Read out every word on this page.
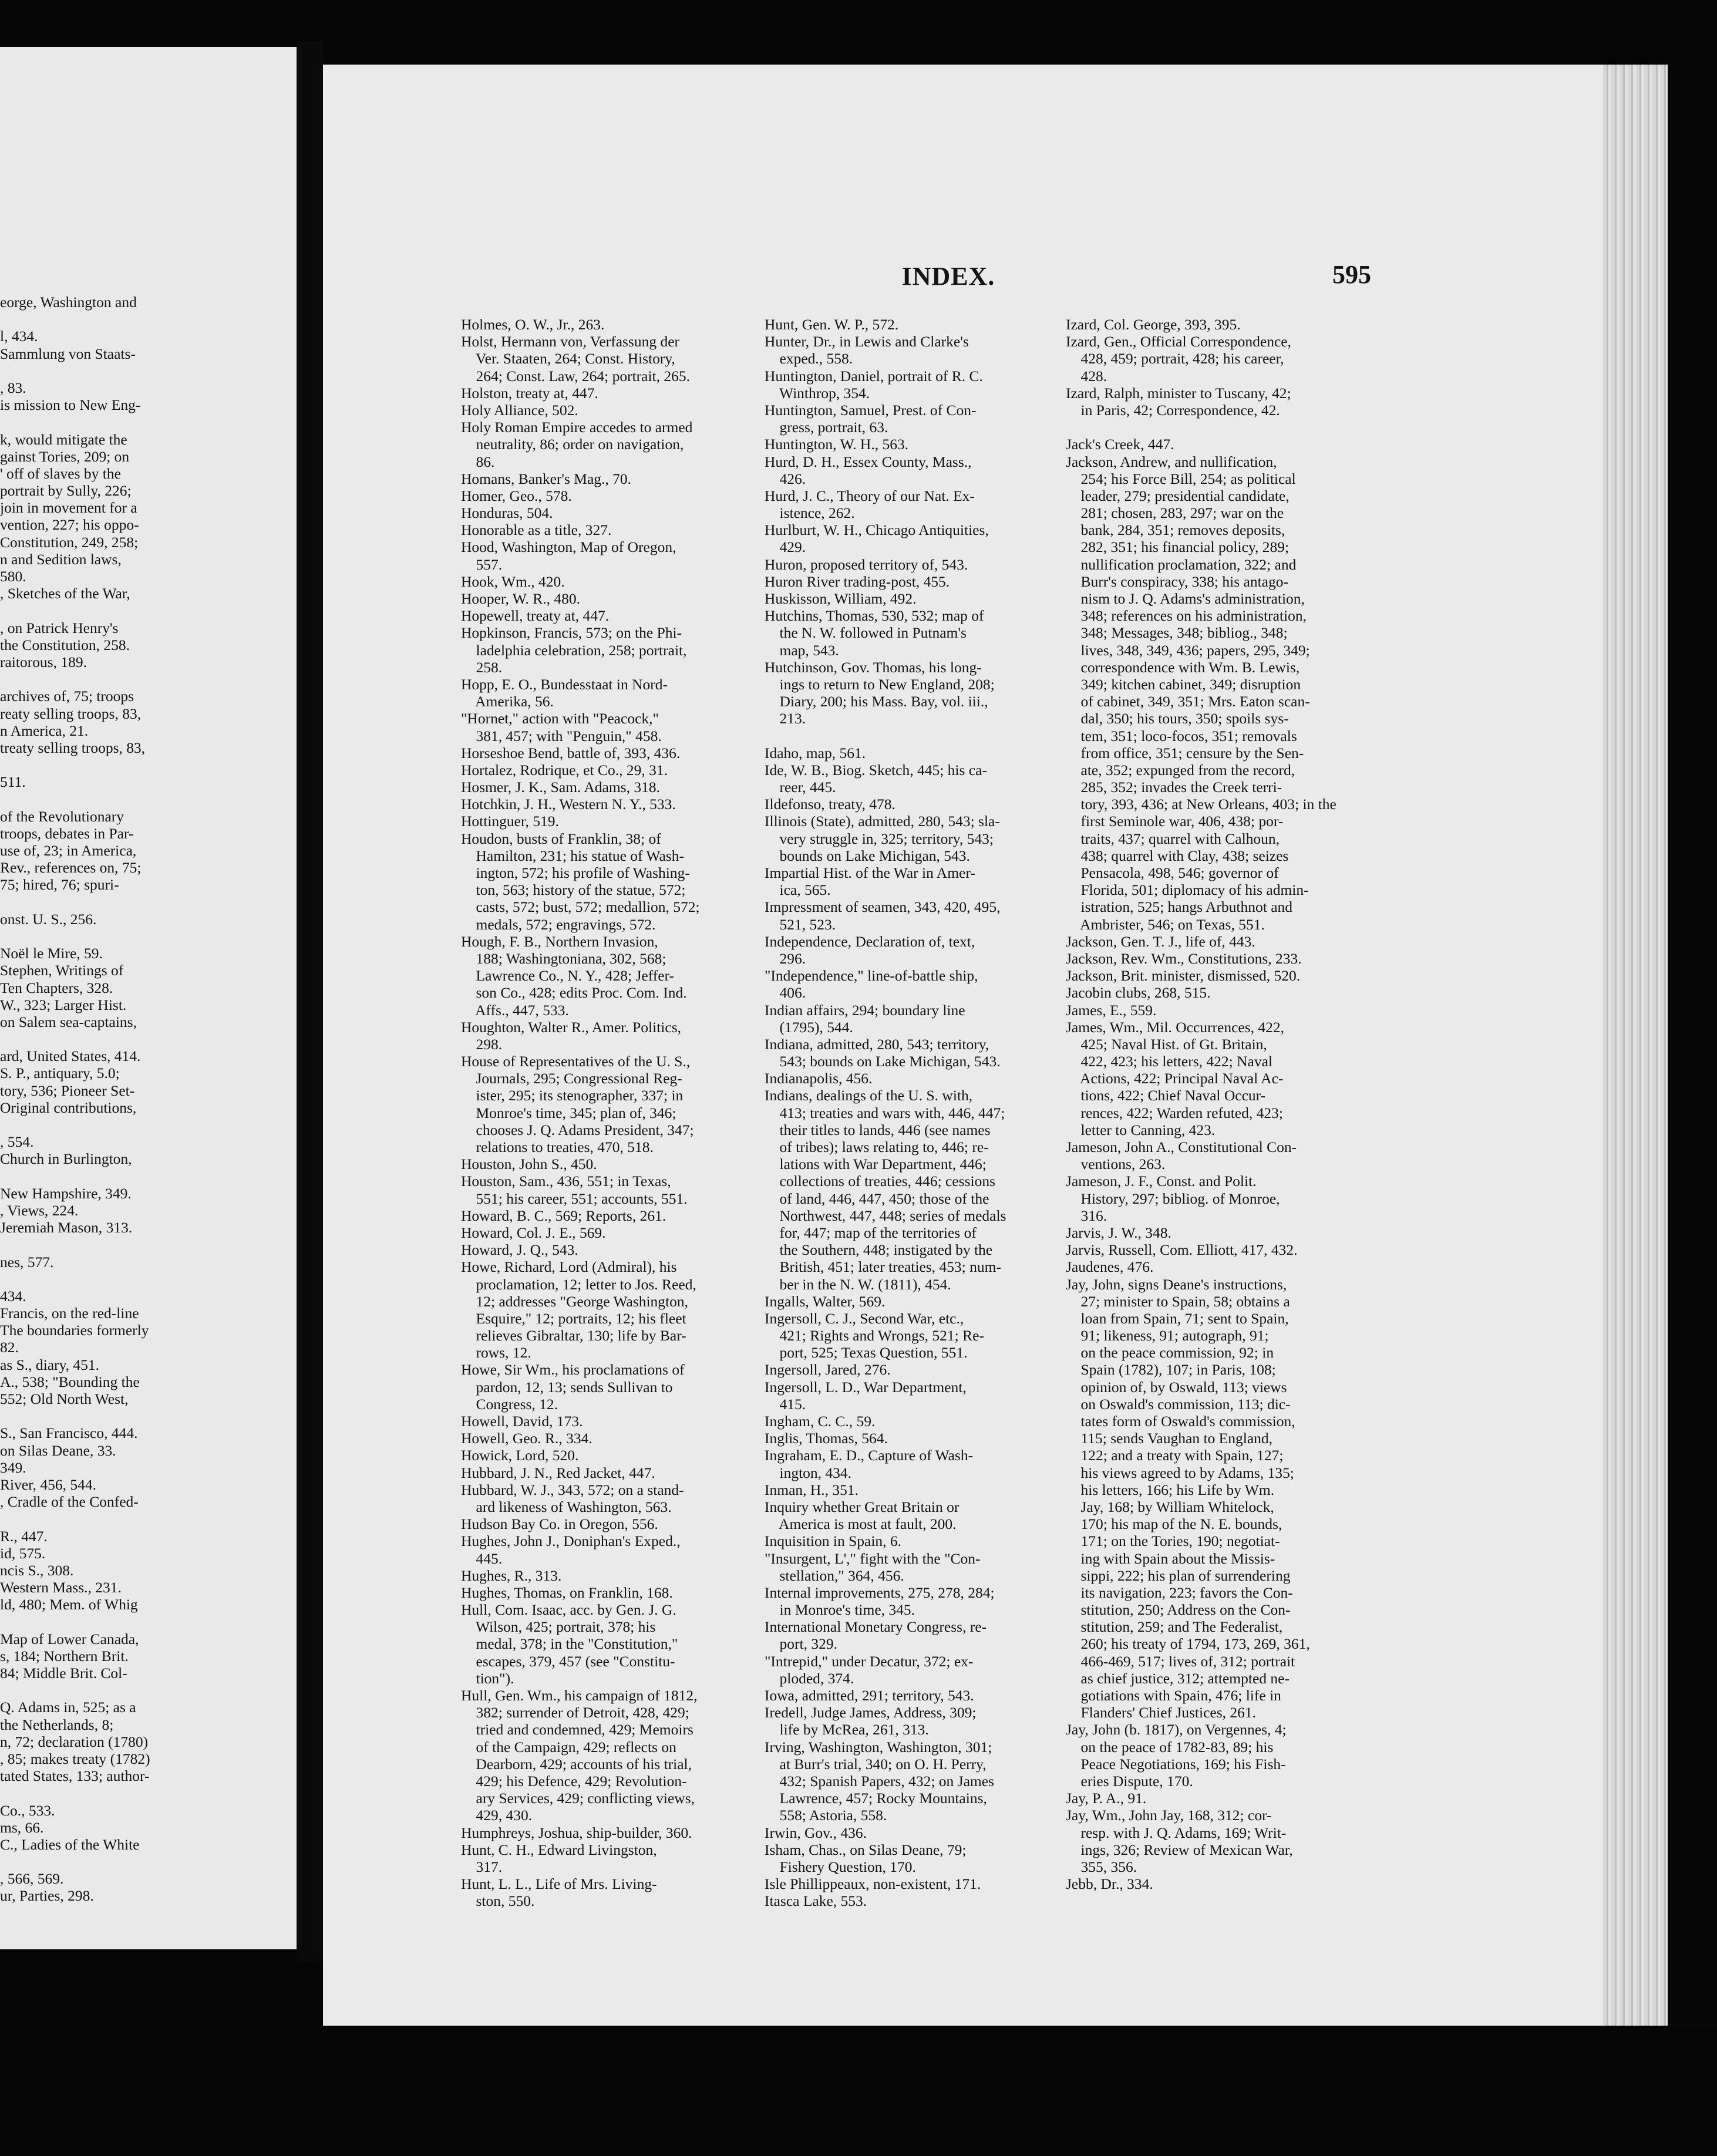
eorge, Washington and
l, 434.
Sammlung von Staats-
, 83.
is mission to New Eng-
k, would mitigate the
gainst Tories, 209; on
' off of slaves by the
portrait by Sully, 226;
join in movement for a
vention, 227; his oppo-
Constitution, 249, 258;
n and Sedition laws,
580.
, Sketches of the War,
, on Patrick Henry's
the Constitution, 258.
raitorous, 189.
archives of, 75; troops
reaty selling troops, 83,
n America, 21.
treaty selling troops, 83,
511.
of the Revolutionary
troops, debates in Par-
use of, 23; in America,
Rev., references on, 75;
75; hired, 76; spuri-
onst. U. S., 256.
Noël le Mire, 59.
Stephen, Writings of
Ten Chapters, 328.
W., 323; Larger Hist.
on Salem sea-captains,
ard, United States, 414.
S. P., antiquary, 5.0;
tory, 536; Pioneer Set-
Original contributions,
, 554.
Church in Burlington,
New Hampshire, 349.
, Views, 224.
Jeremiah Mason, 313.
nes, 577.
434.
Francis, on the red-line
The boundaries formerly
82.
as S., diary, 451.
A., 538; "Bounding the
552; Old North West,
S., San Francisco, 444.
on Silas Deane, 33.
349.
River, 456, 544.
, Cradle of the Confed-
R., 447.
id, 575.
ncis S., 308.
Western Mass., 231.
ld, 480; Mem. of Whig
Map of Lower Canada,
s, 184; Northern Brit.
84; Middle Brit. Col-
Q. Adams in, 525; as a
the Netherlands, 8;
n, 72; declaration (1780)
, 85; makes treaty (1782)
tated States, 133; author-
Co., 533.
ms, 66.
C., Ladies of the White
, 566, 569.
ur, Parties, 298.
INDEX.	595
Holmes, O. W., Jr., 263.
Holst, Hermann von, Verfassung der
Ver. Staaten, 264; Const. History,
264; Const. Law, 264; portrait, 265.
Holston, treaty at, 447.
Holy Alliance, 502.
Holy Roman Empire accedes to armed
neutrality, 86; order on navigation,
86.
Homans, Banker's Mag., 70.
Homer, Geo., 578.
Honduras, 504.
Honorable as a title, 327.
Hood, Washington, Map of Oregon,
557.
Hook, Wm., 420.
Hooper, W. R., 480.
Hopewell, treaty at, 447.
Hopkinson, Francis, 573; on the Phi-
ladelphia celebration, 258; portrait,
258.
Hopp, E. O., Bundesstaat in Nord-
Amerika, 56.
"Hornet," action with "Peacock,"
381, 457; with "Penguin," 458.
Horseshoe Bend, battle of, 393, 436.
Hortalez, Rodrique, et Co., 29, 31.
Hosmer, J. K., Sam. Adams, 318.
Hotchkin, J. H., Western N. Y., 533.
Hottinguer, 519.
Houdon, busts of Franklin, 38; of
Hamilton, 231; his statue of Wash-
ington, 572; his profile of Washing-
ton, 563; history of the statue, 572;
casts, 572; bust, 572; medallion, 572;
medals, 572; engravings, 572.
Hough, F. B., Northern Invasion,
188; Washingtoniana, 302, 568;
Lawrence Co., N. Y., 428; Jeffer-
son Co., 428; edits Proc. Com. Ind.
Affs., 447, 533.
Houghton, Walter R., Amer. Politics,
298.
House of Representatives of the U. S.,
Journals, 295; Congressional Reg-
ister, 295; its stenographer, 337; in
Monroe's time, 345; plan of, 346;
chooses J. Q. Adams President, 347;
relations to treaties, 470, 518.
Houston, John S., 450.
Houston, Sam., 436, 551; in Texas,
551; his career, 551; accounts, 551.
Howard, B. C., 569; Reports, 261.
Howard, Col. J. E., 569.
Howard, J. Q., 543.
Howe, Richard, Lord (Admiral), his
proclamation, 12; letter to Jos. Reed,
12; addresses "George Washington,
Esquire," 12; portraits, 12; his fleet
relieves Gibraltar, 130; life by Bar-
rows, 12.
Howe, Sir Wm., his proclamations of
pardon, 12, 13; sends Sullivan to
Congress, 12.
Howell, David, 173.
Howell, Geo. R., 334.
Howick, Lord, 520.
Hubbard, J. N., Red Jacket, 447.
Hubbard, W. J., 343, 572; on a stand-
ard likeness of Washington, 563.
Hudson Bay Co. in Oregon, 556.
Hughes, John J., Doniphan's Exped.,
445.
Hughes, R., 313.
Hughes, Thomas, on Franklin, 168.
Hull, Com. Isaac, acc. by Gen. J. G.
Wilson, 425; portrait, 378; his
medal, 378; in the "Constitution,"
escapes, 379, 457 (see "Constitu-
tion").
Hull, Gen. Wm., his campaign of 1812,
382; surrender of Detroit, 428, 429;
tried and condemned, 429; Memoirs
of the Campaign, 429; reflects on
Dearborn, 429; accounts of his trial,
429; his Defence, 429; Revolution-
ary Services, 429; conflicting views,
429, 430.
Humphreys, Joshua, ship-builder, 360.
Hunt, C. H., Edward Livingston,
317.
Hunt, L. L., Life of Mrs. Living-
ston, 550.
Hunt, Gen. W. P., 572.
Hunter, Dr., in Lewis and Clarke's
exped., 558.
Huntington, Daniel, portrait of R. C.
Winthrop, 354.
Huntington, Samuel, Prest. of Con-
gress, portrait, 63.
Huntington, W. H., 563.
Hurd, D. H., Essex County, Mass.,
426.
Hurd, J. C., Theory of our Nat. Ex-
istence, 262.
Hurlburt, W. H., Chicago Antiquities,
429.
Huron, proposed territory of, 543.
Huron River trading-post, 455.
Huskisson, William, 492.
Hutchins, Thomas, 530, 532; map of
the N. W. followed in Putnam's
map, 543.
Hutchinson, Gov. Thomas, his long-
ings to return to New England, 208;
Diary, 200; his Mass. Bay, vol. iii.,
213.
Idaho, map, 561.
Ide, W. B., Biog. Sketch, 445; his ca-
reer, 445.
Ildefonso, treaty, 478.
Illinois (State), admitted, 280, 543; sla-
very struggle in, 325; territory, 543;
bounds on Lake Michigan, 543.
Impartial Hist. of the War in Amer-
ica, 565.
Impressment of seamen, 343, 420, 495,
521, 523.
Independence, Declaration of, text,
296.
"Independence," line-of-battle ship,
406.
Indian affairs, 294; boundary line
(1795), 544.
Indiana, admitted, 280, 543; territory,
543; bounds on Lake Michigan, 543.
Indianapolis, 456.
Indians, dealings of the U. S. with,
413; treaties and wars with, 446, 447;
their titles to lands, 446 (see names
of tribes); laws relating to, 446; re-
lations with War Department, 446;
collections of treaties, 446; cessions
of land, 446, 447, 450; those of the
Northwest, 447, 448; series of medals
for, 447; map of the territories of
the Southern, 448; instigated by the
British, 451; later treaties, 453; num-
ber in the N. W. (1811), 454.
Ingalls, Walter, 569.
Ingersoll, C. J., Second War, etc.,
421; Rights and Wrongs, 521; Re-
port, 525; Texas Question, 551.
Ingersoll, Jared, 276.
Ingersoll, L. D., War Department,
415.
Ingham, C. C., 59.
Inglis, Thomas, 564.
Ingraham, E. D., Capture of Wash-
ington, 434.
Inman, H., 351.
Inquiry whether Great Britain or
America is most at fault, 200.
Inquisition in Spain, 6.
"Insurgent, L'," fight with the "Con-
stellation," 364, 456.
Internal improvements, 275, 278, 284;
in Monroe's time, 345.
International Monetary Congress, re-
port, 329.
"Intrepid," under Decatur, 372; ex-
ploded, 374.
Iowa, admitted, 291; territory, 543.
Iredell, Judge James, Address, 309;
life by McRea, 261, 313.
Irving, Washington, Washington, 301;
at Burr's trial, 340; on O. H. Perry,
432; Spanish Papers, 432; on James
Lawrence, 457; Rocky Mountains,
558; Astoria, 558.
Irwin, Gov., 436.
Isham, Chas., on Silas Deane, 79;
Fishery Question, 170.
Isle Phillippeaux, non-existent, 171.
Itasca Lake, 553.
Izard, Col. George, 393, 395.
Izard, Gen., Official Correspondence,
428, 459; portrait, 428; his career,
428.
Izard, Ralph, minister to Tuscany, 42;
in Paris, 42; Correspondence, 42.
Jack's Creek, 447.
Jackson, Andrew, and nullification,
254; his Force Bill, 254; as political
leader, 279; presidential candidate,
281; chosen, 283, 297; war on the
bank, 284, 351; removes deposits,
282, 351; his financial policy, 289;
nullification proclamation, 322; and
Burr's conspiracy, 338; his antago-
nism to J. Q. Adams's administration,
348; references on his administration,
348; Messages, 348; bibliog., 348;
lives, 348, 349, 436; papers, 295, 349;
correspondence with Wm. B. Lewis,
349; kitchen cabinet, 349; disruption
of cabinet, 349, 351; Mrs. Eaton scan-
dal, 350; his tours, 350; spoils sys-
tem, 351; loco-focos, 351; removals
from office, 351; censure by the Sen-
ate, 352; expunged from the record,
285, 352; invades the Creek terri-
tory, 393, 436; at New Orleans, 403; in the
first Seminole war, 406, 438; por-
traits, 437; quarrel with Calhoun,
438; quarrel with Clay, 438; seizes
Pensacola, 498, 546; governor of
Florida, 501; diplomacy of his admin-
istration, 525; hangs Arbuthnot and
Ambrister, 546; on Texas, 551.
Jackson, Gen. T. J., life of, 443.
Jackson, Rev. Wm., Constitutions, 233.
Jackson, Brit. minister, dismissed, 520.
Jacobin clubs, 268, 515.
James, E., 559.
James, Wm., Mil. Occurrences, 422,
425; Naval Hist. of Gt. Britain,
422, 423; his letters, 422; Naval
Actions, 422; Principal Naval Ac-
tions, 422; Chief Naval Occur-
rences, 422; Warden refuted, 423;
letter to Canning, 423.
Jameson, John A., Constitutional Con-
ventions, 263.
Jameson, J. F., Const. and Polit.
History, 297; bibliog. of Monroe,
316.
Jarvis, J. W., 348.
Jarvis, Russell, Com. Elliott, 417, 432.
Jaudenes, 476.
Jay, John, signs Deane's instructions,
27; minister to Spain, 58; obtains a
loan from Spain, 71; sent to Spain,
91; likeness, 91; autograph, 91;
on the peace commission, 92; in
Spain (1782), 107; in Paris, 108;
opinion of, by Oswald, 113; views
on Oswald's commission, 113; dic-
tates form of Oswald's commission,
115; sends Vaughan to England,
122; and a treaty with Spain, 127;
his views agreed to by Adams, 135;
his letters, 166; his Life by Wm.
Jay, 168; by William Whitelock,
170; his map of the N. E. bounds,
171; on the Tories, 190; negotiat-
ing with Spain about the Missis-
sippi, 222; his plan of surrendering
its navigation, 223; favors the Con-
stitution, 250; Address on the Con-
stitution, 259; and The Federalist,
260; his treaty of 1794, 173, 269, 361,
466-469, 517; lives of, 312; portrait
as chief justice, 312; attempted ne-
gotiations with Spain, 476; life in
Flanders' Chief Justices, 261.
Jay, John (b. 1817), on Vergennes, 4;
on the peace of 1782-83, 89; his
Peace Negotiations, 169; his Fish-
eries Dispute, 170.
Jay, P. A., 91.
Jay, Wm., John Jay, 168, 312; cor-
resp. with J. Q. Adams, 169; Writ-
ings, 326; Review of Mexican War,
355, 356.
Jebb, Dr., 334.
